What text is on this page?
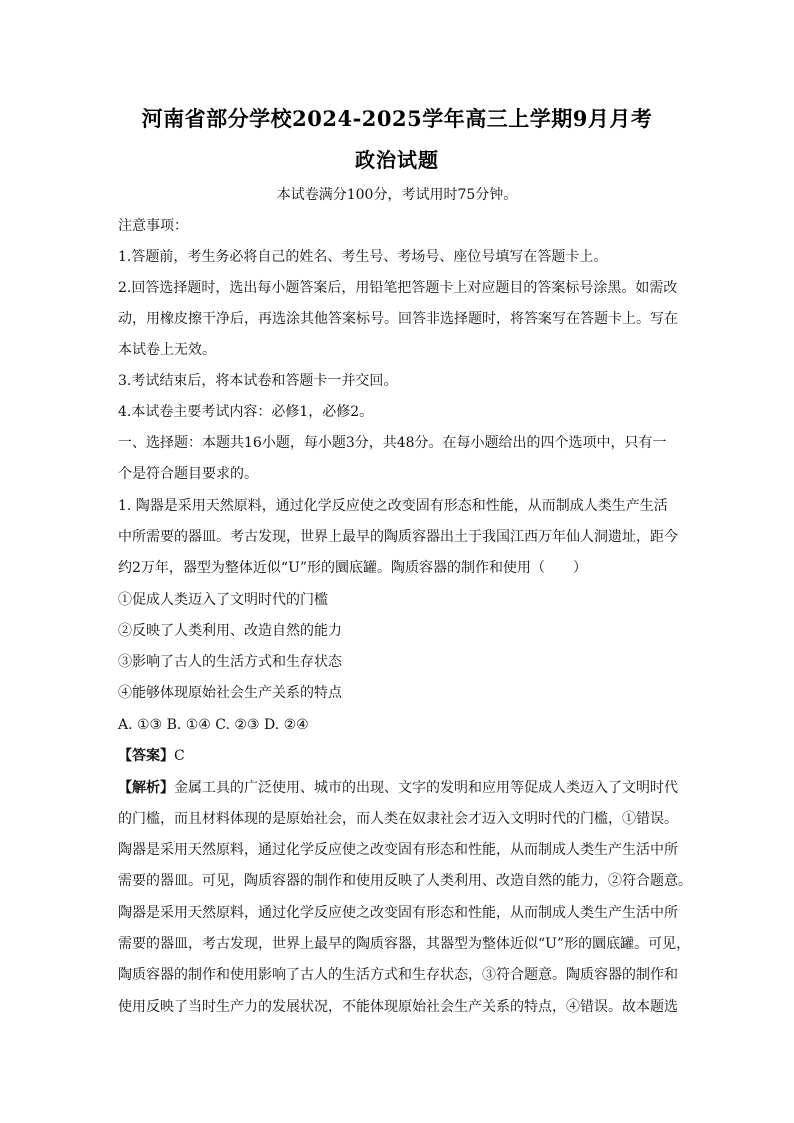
河南省部分学校2024-2025学年高三上学期9月月考
政治试题
本试卷满分100分，考试用时75分钟。
注意事项：
1.答题前，考生务必将自己的姓名、考生号、考场号、座位号填写在答题卡上。
2.回答选择题时，选出每小题答案后，用铅笔把答题卡上对应题目的答案标号涂黑。如需改
动，用橡皮擦干净后，再选涂其他答案标号。回答非选择题时，将答案写在答题卡上。写在
本试卷上无效。
3.考试结束后，将本试卷和答题卡一并交回。
4.本试卷主要考试内容：必修1，必修2。
一、选择题：本题共16小题，每小题3分，共48分。在每小题给出的四个选项中，只有一
个是符合题目要求的。
1. 陶器是采用天然原料，通过化学反应使之改变固有形态和性能，从而制成人类生产生活
中所需要的器皿。考古发现，世界上最早的陶质容器出土于我国江西万年仙人洞遗址，距今
约2万年，器型为整体近似“U”形的圜底罐。陶质容器的制作和使用（　　）
①促成人类迈入了文明时代的门槛
②反映了人类利用、改造自然的能力
③影响了古人的生活方式和生存状态
④能够体现原始社会生产关系的特点
A. ①③ B. ①④ C. ②③ D. ②④
【答案】C
【解析】金属工具的广泛使用、城市的出现、文字的发明和应用等促成人类迈入了文明时代
的门槛，而且材料体现的是原始社会，而人类在奴隶社会才迈入文明时代的门槛，①错误。
陶器是采用天然原料，通过化学反应使之改变固有形态和性能，从而制成人类生产生活中所
需要的器皿。可见，陶质容器的制作和使用反映了人类利用、改造自然的能力，②符合题意。
陶器是采用天然原料，通过化学反应使之改变固有形态和性能，从而制成人类生产生活中所
需要的器皿，考古发现，世界上最早的陶质容器，其器型为整体近似“U”形的圜底罐。可见，
陶质容器的制作和使用影响了古人的生活方式和生存状态，③符合题意。陶质容器的制作和
使用反映了当时生产力的发展状况，不能体现原始社会生产关系的特点，④错误。故本题选
